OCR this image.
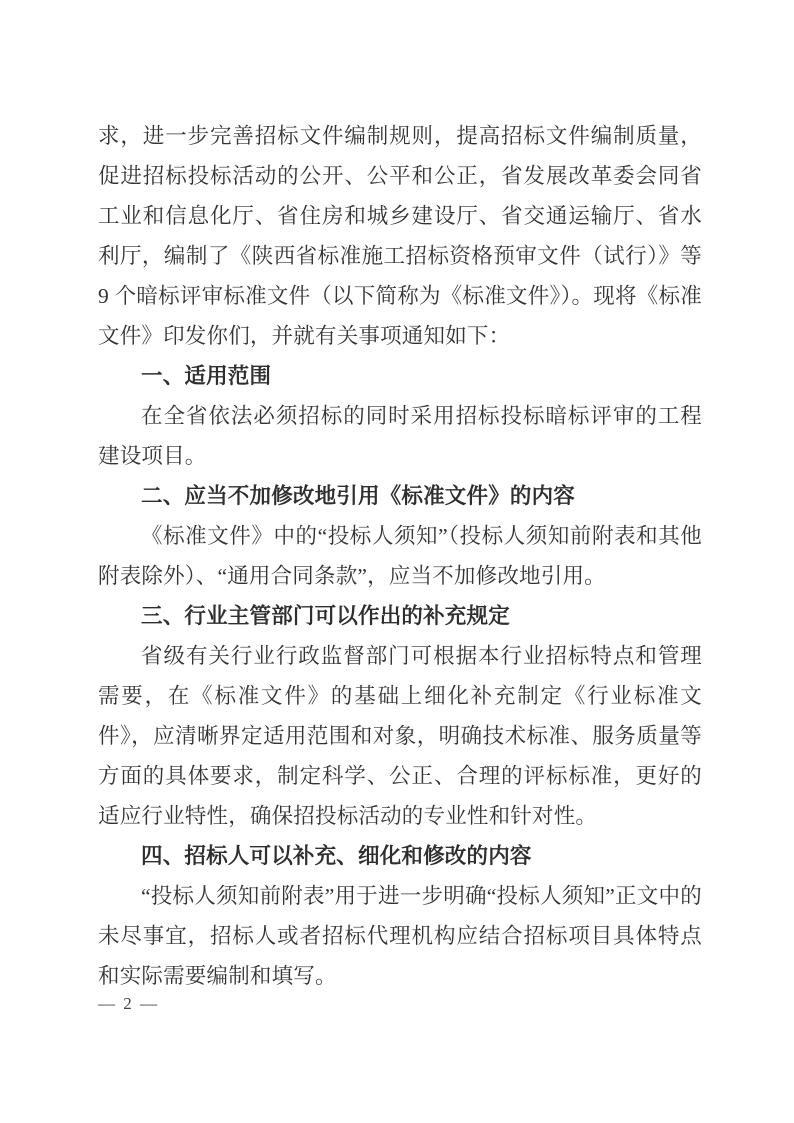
求，进一步完善招标文件编制规则，提高招标文件编制质量，促进招标投标活动的公开、公平和公正，省发展改革委会同省工业和信息化厅、省住房和城乡建设厅、省交通运输厅、省水利厅，编制了《陕西省标准施工招标资格预审文件（试行）》等 9 个暗标评审标准文件（以下简称为《标准文件》）。现将《标准文件》印发你们，并就有关事项通知如下：
一、适用范围
在全省依法必须招标的同时采用招标投标暗标评审的工程建设项目。
二、应当不加修改地引用《标准文件》的内容
《标准文件》中的“投标人须知”（投标人须知前附表和其他附表除外）、“通用合同条款”，应当不加修改地引用。
三、行业主管部门可以作出的补充规定
省级有关行业行政监督部门可根据本行业招标特点和管理需要，在《标准文件》的基础上细化补充制定《行业标准文件》，应清晰界定适用范围和对象，明确技术标准、服务质量等方面的具体要求，制定科学、公正、合理的评标标准，更好的适应行业特性，确保招投标活动的专业性和针对性。
四、招标人可以补充、细化和修改的内容
“投标人须知前附表”用于进一步明确“投标人须知”正文中的未尽事宜，招标人或者招标代理机构应结合招标项目具体特点和实际需要编制和填写。
— 2 —
